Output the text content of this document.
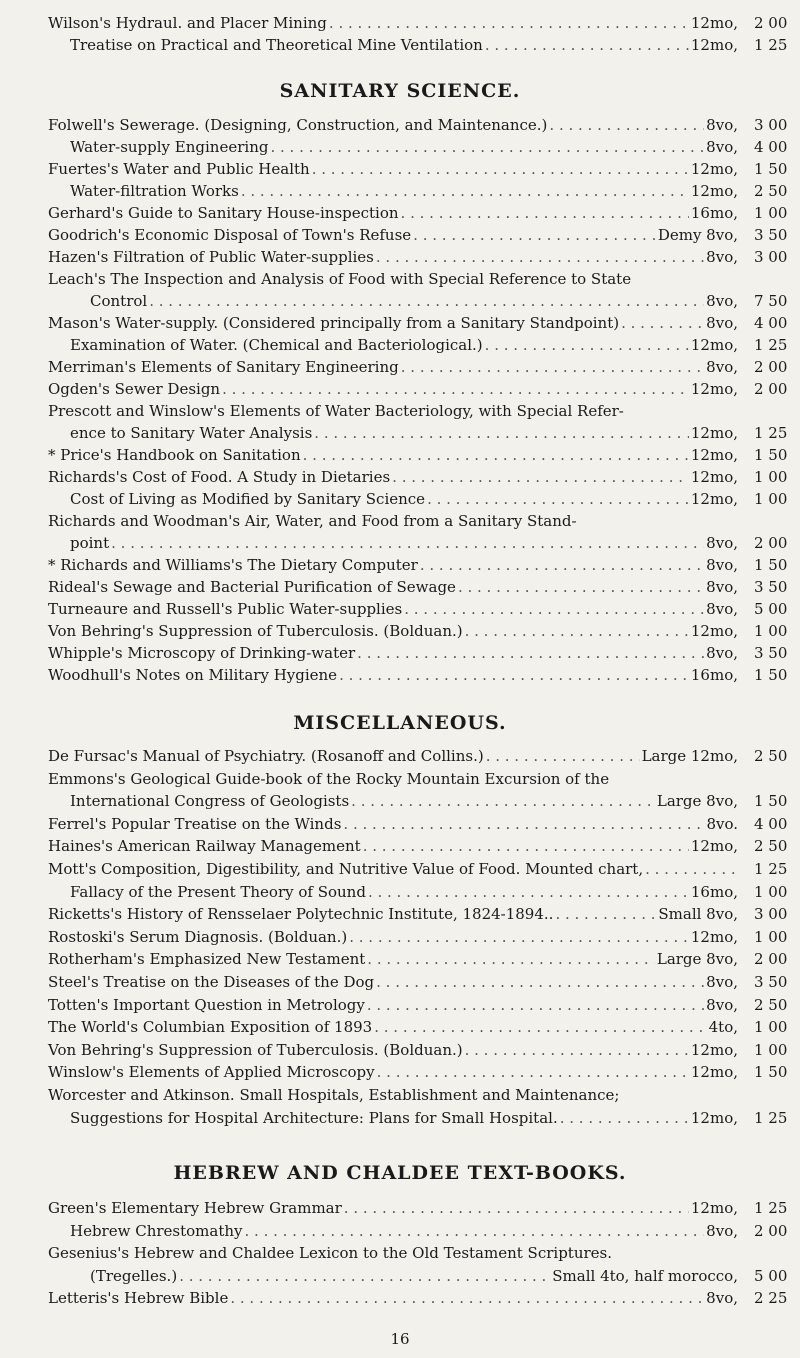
Wilson's Hydraul. and Placer Mining . . .	12mo, 2 00
Treatise on Practical and Theoretical Mine Ventilation . . .	12mo, 1 25
SANITARY SCIENCE.
Folwell's Sewerage. (Designing, Construction, and Maintenance.) . . .	8vo, 3 00
Water-supply Engineering . . .	8vo, 4 00
Fuertes's Water and Public Health . . .	12mo, 1 50
Water-filtration Works . . .	12mo, 2 50
Gerhard's Guide to Sanitary House-inspection . . .	16mo, 1 00
Goodrich's Economic Disposal of Town's Refuse . . .	Demy 8vo, 3 50
Hazen's Filtration of Public Water-supplies . . .	8vo, 3 00
Leach's The Inspection and Analysis of Food with Special Reference to State
Control . . .	8vo, 7 50
Mason's Water-supply. (Considered principally from a Sanitary Standpoint) . . .	8vo, 4 00
Examination of Water. (Chemical and Bacteriological.) . . .	12mo, 1 25
Merriman's Elements of Sanitary Engineering . . .	8vo, 2 00
Ogden's Sewer Design . . .	12mo, 2 00
Prescott and Winslow's Elements of Water Bacteriology, with Special Refer-
ence to Sanitary Water Analysis . . .	12mo, 1 25
* Price's Handbook on Sanitation . . .	12mo, 1 50
Richards's Cost of Food. A Study in Dietaries . . .	12mo, 1 00
Cost of Living as Modified by Sanitary Science . . .	12mo, 1 00
Richards and Woodman's Air, Water, and Food from a Sanitary Stand-
point . . .	8vo, 2 00
* Richards and Williams's The Dietary Computer . . .	8vo, 1 50
Rideal's Sewage and Bacterial Purification of Sewage . . .	8vo, 3 50
Turneaure and Russell's Public Water-supplies . . .	8vo, 5 00
Von Behring's Suppression of Tuberculosis. (Bolduan.) . . .	12mo, 1 00
Whipple's Microscopy of Drinking-water . . .	8vo, 3 50
Woodhull's Notes on Military Hygiene . . .	16mo, 1 50
MISCELLANEOUS.
De Fursac's Manual of Psychiatry. (Rosanoff and Collins.) . . .	Large 12mo, 2 50
Emmons's Geological Guide-book of the Rocky Mountain Excursion of the
International Congress of Geologists . . .	Large 8vo, 1 50
Ferrel's Popular Treatise on the Winds . . .	8vo. 4 00
Haines's American Railway Management . . .	12mo, 2 50
Mott's Composition, Digestibility, and Nutritive Value of Food. Mounted chart, . . .	1 25
Fallacy of the Present Theory of Sound . . .	16mo, 1 00
Ricketts's History of Rensselaer Polytechnic Institute, 1824-1894.. . . .	Small 8vo, 3 00
Rostoski's Serum Diagnosis. (Bolduan.) . . .	12mo, 1 00
Rotherham's Emphasized New Testament . . .	Large 8vo, 2 00
Steel's Treatise on the Diseases of the Dog . . .	8vo, 3 50
Totten's Important Question in Metrology . . .	8vo, 2 50
The World's Columbian Exposition of 1893 . . .	4to, 1 00
Von Behring's Suppression of Tuberculosis. (Bolduan.) . . .	12mo, 1 00
Winslow's Elements of Applied Microscopy . . .	12mo, 1 50
Worcester and Atkinson. Small Hospitals, Establishment and Maintenance;
Suggestions for Hospital Architecture: Plans for Small Hospital. . . .	12mo, 1 25
HEBREW AND CHALDEE TEXT-BOOKS.
Green's Elementary Hebrew Grammar . . .	12mo, 1 25
Hebrew Chrestomathy . . .	8vo, 2 00
Gesenius's Hebrew and Chaldee Lexicon to the Old Testament Scriptures.
(Tregelles.) . . .	Small 4to, half morocco, 5 00
Letteris's Hebrew Bible . . .	8vo, 2 25
16
